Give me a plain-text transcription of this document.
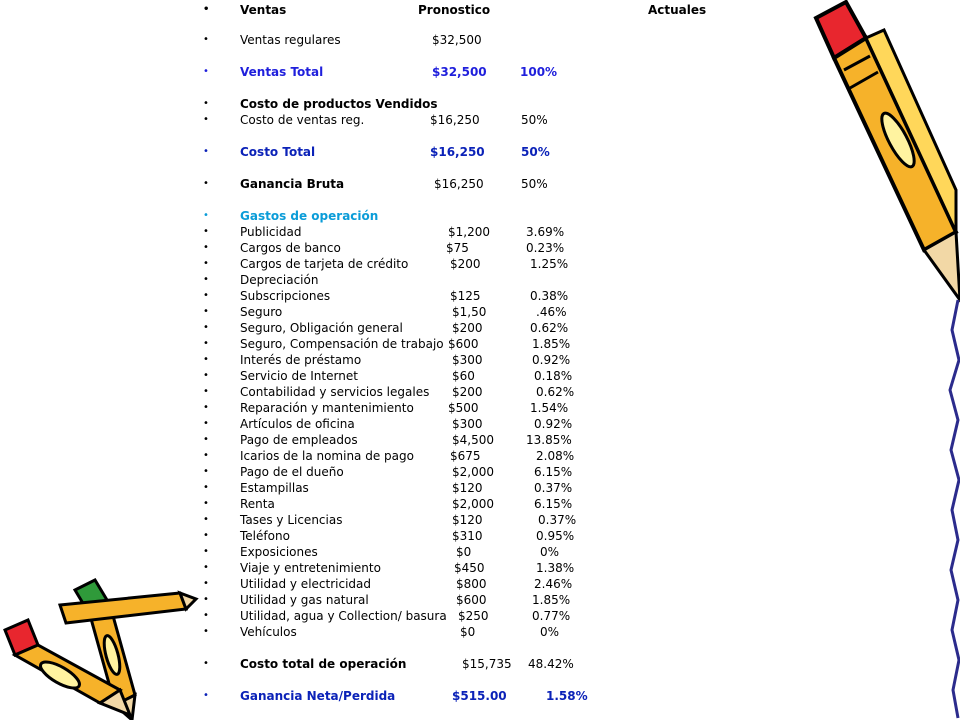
•	Ventas	Pronostico	Actuales
•	Ventas regulares	$32,500
•	Ventas Total	$32,500	100%
•	Costo de productos Vendidos
•	Costo de ventas reg.	$16,250	50%
•	Costo Total	$16,250	50%
•	Ganancia Bruta	$16,250	50%
•	Gastos de operación
•	Publicidad	$1,200	3.69%
•	Cargos de banco	$75	0.23%
•	Cargos de tarjeta de crédito	$200	1.25%
•	Depreciación
•	Subscripciones	$125	0.38%
•	Seguro	$1,50	.46%
•	Seguro, Obligación general	$200	0.62%
•	Seguro, Compensación de trabajo $600	1.85%
•	Interés de préstamo	$300	0.92%
•	Servicio de Internet	$60	0.18%
•	Contabilidad y servicios legales $200	0.62%
•	Reparación y mantenimiento	$500	1.54%
•	Artículos de oficina	$300	0.92%
•	Pago de empleados	$4,500	13.85%
•	Icarios de la nomina de pago	$675	2.08%
•	Pago de el dueño	$2,000	6.15%
•	Estampillas	$120	0.37%
•	Renta	$2,000	6.15%
•	Tases y Licencias	$120	0.37%
•	Teléfono	$310	0.95%
•	Exposiciones	$0	0%
•	Viaje y entretenimiento	$450	1.38%
•	Utilidad y electricidad	$800	2.46%
•	Utilidad y gas natural	$600	1.85%
•	Utilidad, agua y Collection/ basura $250	0.77%
•	Vehículos	$0	0%
•	Costo total de operación	$15,735 48.42%
•	Ganancia Neta/Perdida	$515.00	1.58%
